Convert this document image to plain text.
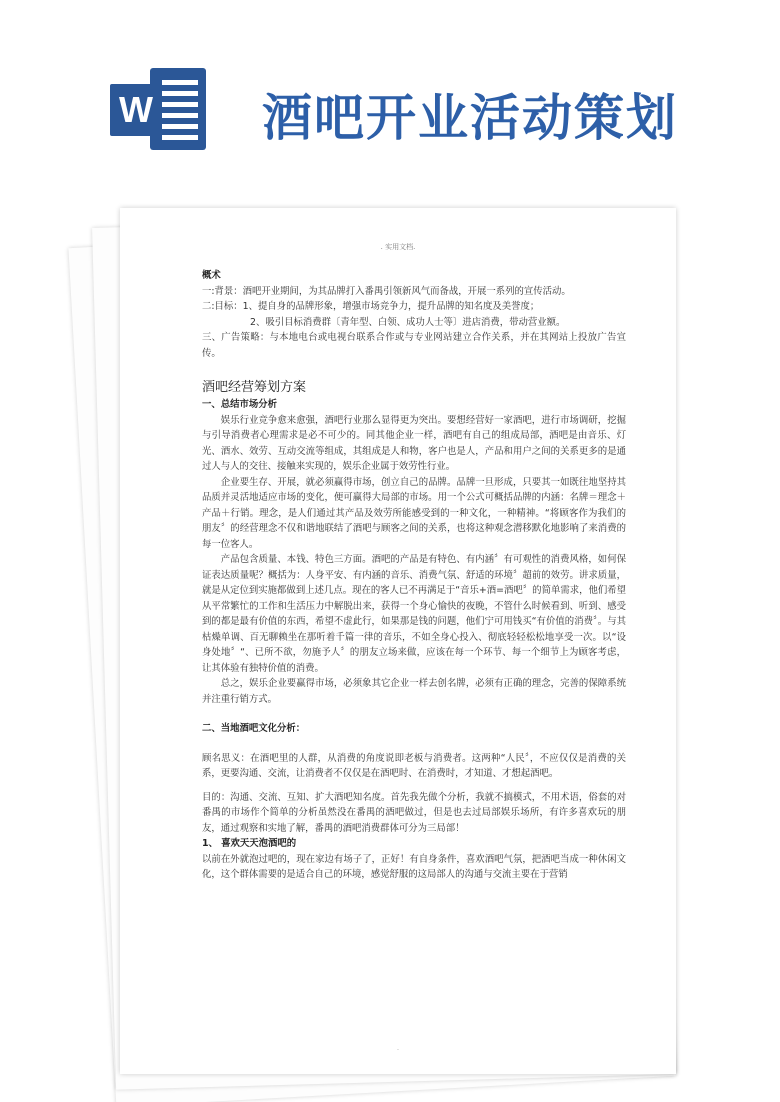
W 酒吧开业活动策划
. 实用文档.

概术

一:背景：酒吧开业期间，为其品牌打入番禺引领新风气而备战，开展一系列的宣传活动。

二:目标：1、提自身的品牌形象，增强市场竞争力，提升品牌的知名度及美誉度；

2、吸引目标消费群〔青年型、白领、成功人士等〕进店消费，带动营业额。

三、广告策略：与本地电台或电视台联系合作或与专业网站建立合作关系，并在其网站上投放广告宣传。

酒吧经营筹划方案

一、总结市场分析

娱乐行业竞争愈来愈强，酒吧行业那么显得更为突出。要想经营好一家酒吧，进行市场调研，挖掘与引导消费者心理需求是必不可少的。同其他企业一样，酒吧有自己的组成局部，酒吧是由音乐、灯光、酒水、效劳、互动交流等组成，其组成是人和物，客户也是人，产品和用户之间的关系更多的是通过人与人的交往、接触来实现的，娱乐企业属于效劳性行业。

企业要生存、开展，就必须赢得市场，创立自己的品牌。品牌一旦形成，只要其一如既往地坚持其品质并灵活地适应市场的变化，便可赢得大局部的市场。用一个公式可概括品牌的内涵：名牌＝理念＋产品＋行销。理念，是人们通过其产品及效劳所能感受到的一种文化，一种精神。“将顾客作为我们的朋友〞的经营理念不仅和谐地联结了酒吧与顾客之间的关系，也将这种观念潜移默化地影响了来消费的每一位客人。

产品包含质量、本钱、特色三方面。酒吧的产品是有特色、有内涵〞有可观性的消费风格，如何保证表达质量呢？概括为：人身平安、有内涵的音乐、消费气氛、舒适的环境〞超前的效劳。讲求质量，就是从定位到实施都做到上述几点。现在的客人已不再满足于“音乐+酒=酒吧〞的简单需求，他们希望从平常繁忙的工作和生活压力中解脱出来，获得一个身心愉快的夜晚，不管什么时候看到、听到、感受到的都是最有价值的东西，希望不虚此行，如果那是钱的问题，他们宁可用钱买“有价值的消费〞。与其枯燥单调、百无聊赖坐在那听着千篇一律的音乐，不如全身心投入、彻底轻轻松松地享受一次。以“设身处地〞“、已所不欲，勿施予人〞的朋友立场来做，应该在每一个环节、每一个细节上为顾客考虑，让其体验有独特价值的消费。

总之，娱乐企业要赢得市场，必须象其它企业一样去创名牌，必须有正确的理念，完善的保障系统并注重行销方式。

二、当地酒吧文化分析：

顾名思义：在酒吧里的人群，从消费的角度说即老板与消费者。这两种“人民〞，不应仅仅是消费的关系，更要沟通、交流，让消费者不仅仅是在酒吧时、在消费时，才知道、才想起酒吧。

目的：沟通、交流、互知、扩大酒吧知名度。首先我先做个分析，我就不搞模式，不用术语，俗套的对番禺的市场作个简单的分析虽然没在番禺的酒吧做过，但是也去过局部娱乐场所，有许多喜欢玩的朋友，通过观察和实地了解，番禺的酒吧消费群体可分为三局部！

1、 喜欢天天泡酒吧的

以前在外就泡过吧的，现在家边有场子了，正好！有自身条件，喜欢酒吧气氛，把酒吧当成一种休闲文化，这个群体需要的是适合自己的环境，感觉舒服的这局部人的沟通与交流主要在于营销

.
